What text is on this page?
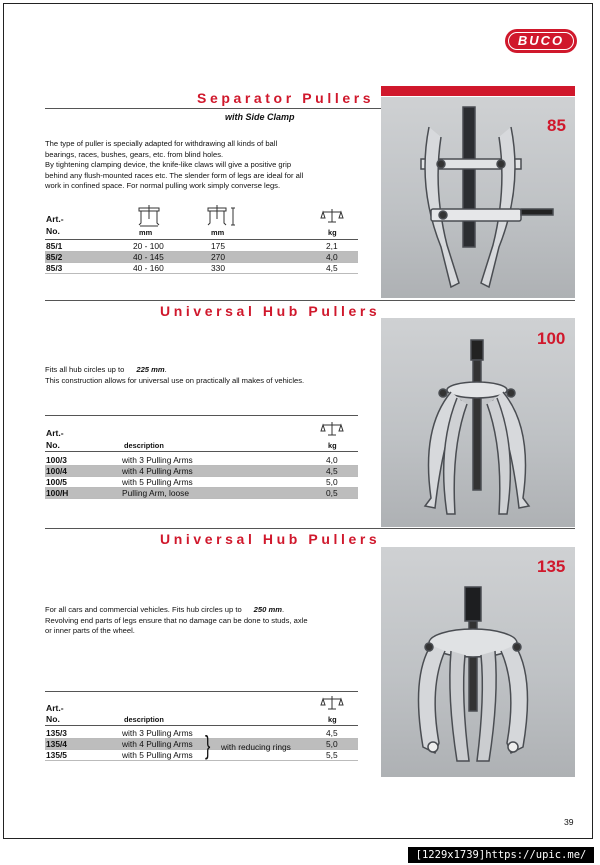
BUCO
Separator Pullers
with Side Clamp

The type of puller is specially adapted for withdrawing all kinds of ball

bearings, races, bushes, gears, etc. from blind holes.

By tightening clamping device, the knife-like claws will give a positive grip

behind any flush-mounted races etc. The slender form of legs are ideal for all

work in confined space. For normal pulling work simply converse legs.

85
Art.-
No.	mm	mm	kg
85/1	20 - 100	175	2,1
85/2	40 - 145	270	4,0
85/3	40 - 160	330	4,5
Universal Hub Pullers

Fits all hub circles up to 225 mm.

This construction allows for universal use on practically all makes of vehicles.

100
Art.-
No.	description	kg
100/3	with 3 Pulling Arms	4,0
100/4	with 4 Pulling Arms	4,5
100/5	with 5 Pulling Arms	5,0
100/H	Pulling Arm, loose	0,5
Universal Hub Pullers

For all cars and commercial vehicles. Fits hub circles up to 250 mm.

Revolving end parts of legs ensure that no damage can be done to studs, axle

or inner parts of the wheel.

135
Art.-
No.	description	kg
135/3	with 3 Pulling Arms	4,5
135/4	with 4 Pulling Arms	5,0
135/5	with 5 Pulling Arms	5,5
} with reducing rings
39
[1229x1739]https://upic.me/
